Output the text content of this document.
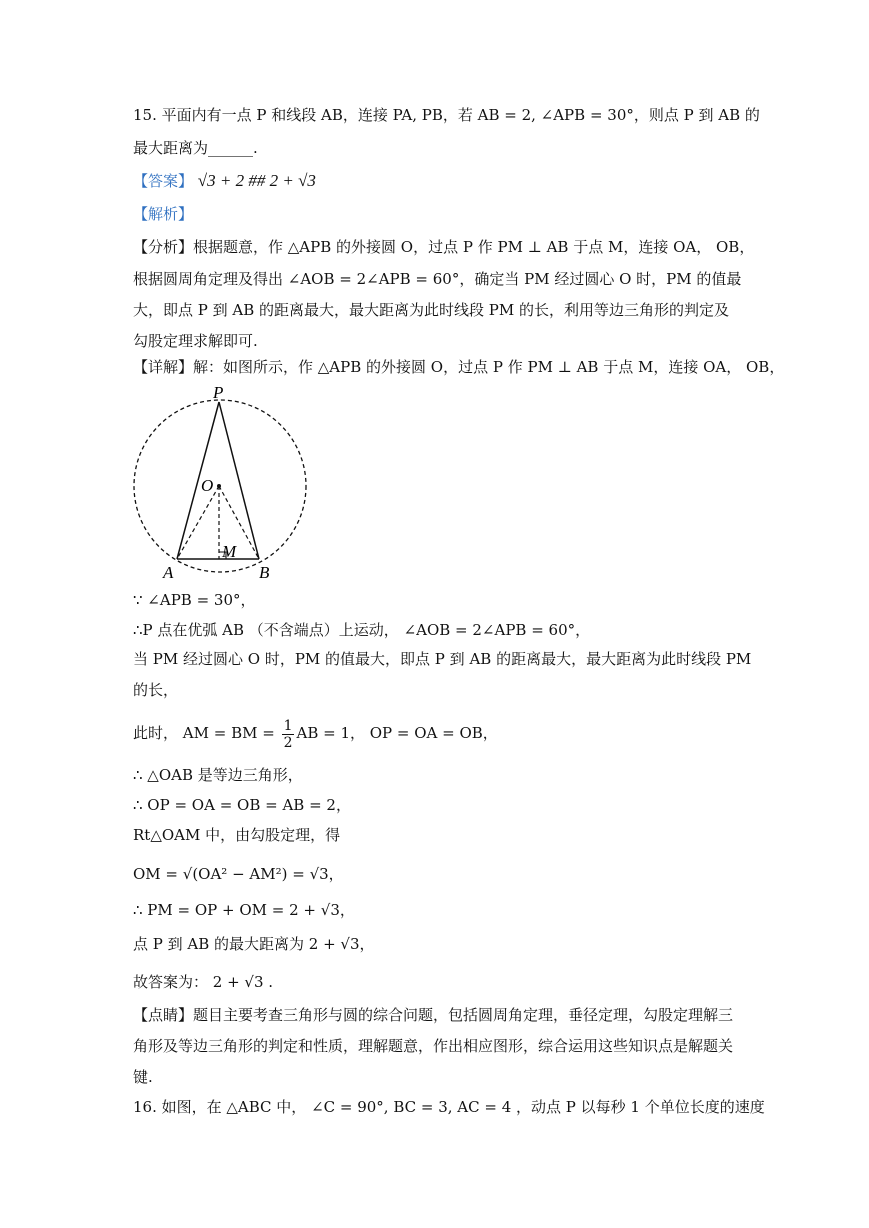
15. 平面内有一点 P 和线段 AB，连接 PA, PB，若 AB = 2, ∠APB = 30°，则点 P 到 AB 的
最大距离为______.
【答案】 √3 + 2 ## 2 + √3
【解析】
【分析】根据题意，作 △APB 的外接圆 O，过点 P 作 PM ⊥ AB 于点 M，连接 OA， OB，
根据圆周角定理及得出 ∠AOB = 2∠APB = 60°，确定当 PM 经过圆心 O 时，PM 的值最
大，即点 P 到 AB 的距离最大，最大距离为此时线段 PM 的长，利用等边三角形的判定及
勾股定理求解即可.
【详解】解：如图所示，作 △APB 的外接圆 O，过点 P 作 PM ⊥ AB 于点 M，连接 OA， OB，
P
O
M
A	B
∵ ∠APB = 30°，
∴P 点在优弧 AB （不含端点）上运动， ∠AOB = 2∠APB = 60°，
当 PM 经过圆心 O 时，PM 的值最大，即点 P 到 AB 的距离最大，最大距离为此时线段 PM
的长，
此时， AM = BM = $\frac{1}{2}$ AB = 1， OP = OA = OB，
∴ △OAB 是等边三角形，
∴ OP = OA = OB = AB = 2，
Rt△OAM 中，由勾股定理，得
OM = √(OA² − AM²) = √3，
∴ PM = OP + OM = 2 + √3，
点 P 到 AB 的最大距离为 2 + √3，
故答案为： 2 + √3 .
【点睛】题目主要考查三角形与圆的综合问题，包括圆周角定理，垂径定理，勾股定理解三
角形及等边三角形的判定和性质，理解题意，作出相应图形，综合运用这些知识点是解题关
键.
16. 如图，在 △ABC 中， ∠C = 90°, BC = 3, AC = 4 ，动点 P 以每秒 1 个单位长度的速度
